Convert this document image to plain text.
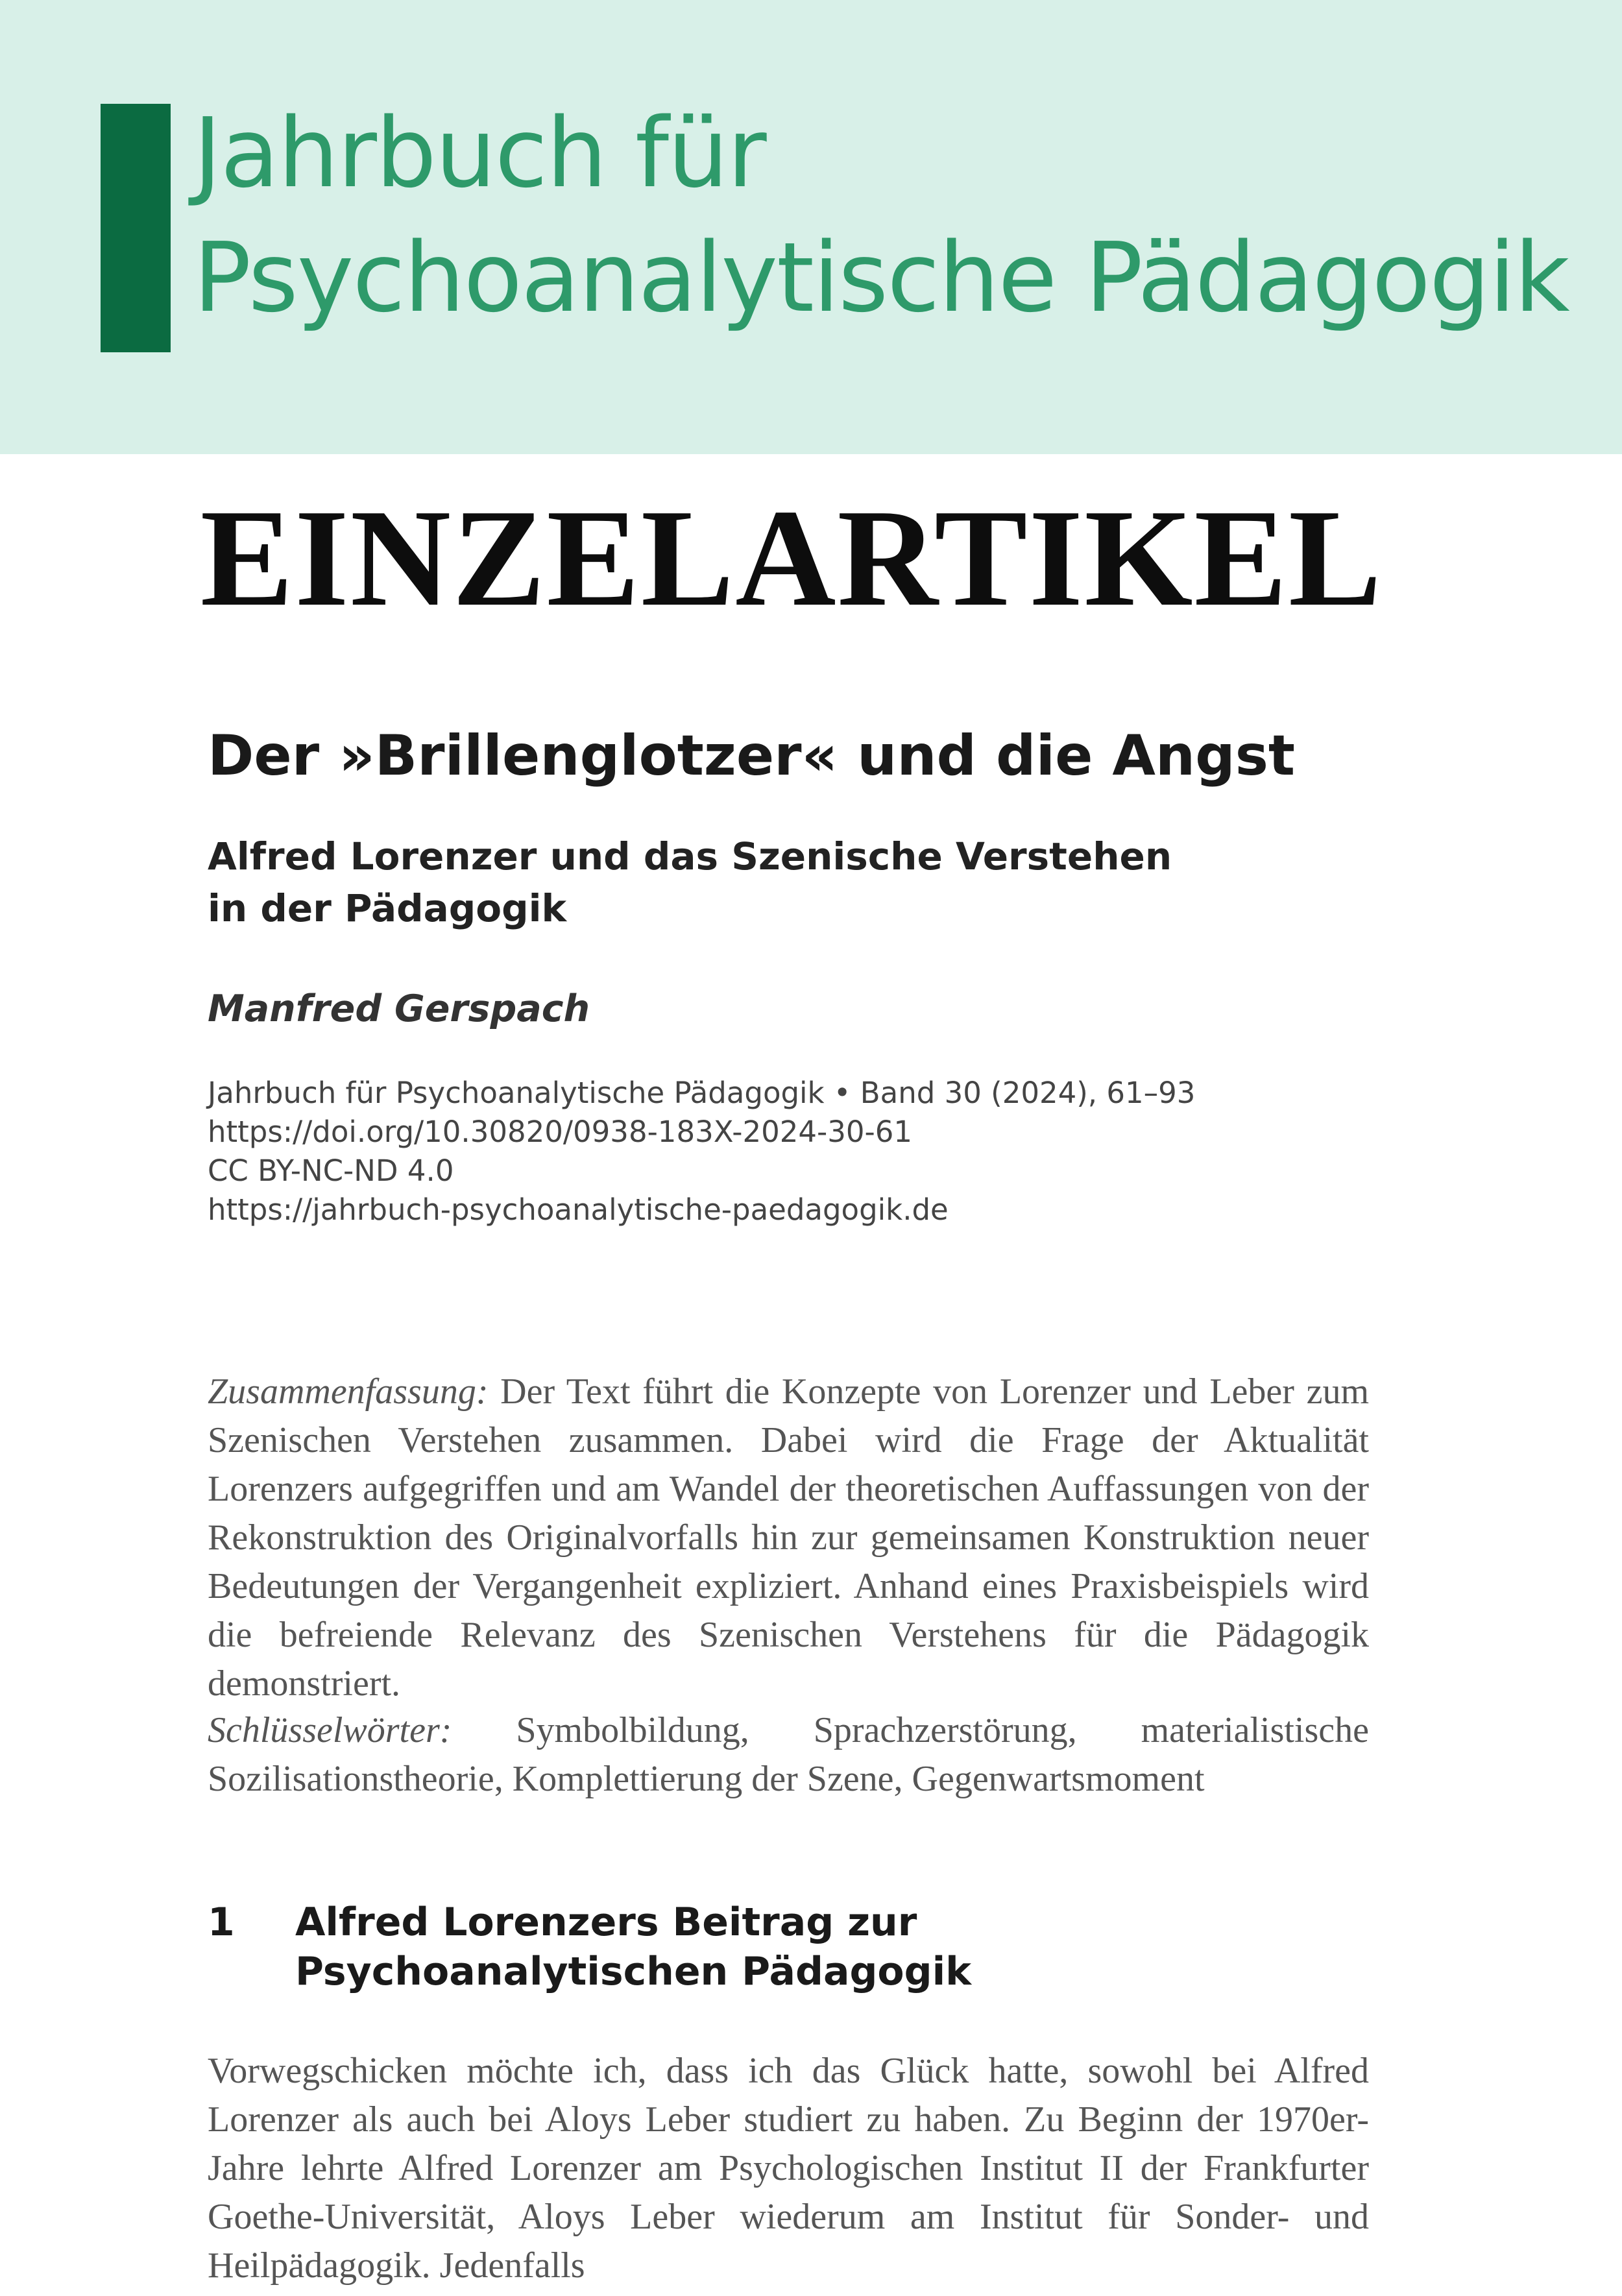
Jahrbuch für Psychoanalytische Pädagogik
EINZELARTIKEL
Der »Brillenglotzer« und die Angst
Alfred Lorenzer und das Szenische Verstehen in der Pädagogik

Manfred Gerspach

Jahrbuch für Psychoanalytische Pädagogik • Band 30 (2024), 61–93
https://doi.org/10.30820/0938-183X-2024-30-61
CC BY-NC-ND 4.0
https://jahrbuch-psychoanalytische-paedagogik.de

Zusammenfassung: Der Text führt die Konzepte von Lorenzer und Leber zum Szenischen Verstehen zusammen. Dabei wird die Frage der Aktualität Lorenzers aufgegriffen und am Wandel der theoretischen Auffassungen von der Rekonstruktion des Originalvorfalls hin zur gemeinsamen Konstruktion neuer Bedeutungen der Vergangenheit expliziert. Anhand eines Praxisbeispiels wird die befreiende Relevanz des Szenischen Verstehens für die Pädagogik demonstriert.

Schlüsselwörter: Symbolbildung, Sprachzerstörung, materialistische Sozilisationstheorie, Komplettierung der Szene, Gegenwartsmoment

1 Alfred Lorenzers Beitrag zur Psychoanalytischen Pädagogik

Vorwegschicken möchte ich, dass ich das Glück hatte, sowohl bei Alfred Lorenzer als auch bei Aloys Leber studiert zu haben. Zu Beginn der 1970er-Jahre lehrte Alfred Lorenzer am Psychologischen Institut II der Frankfurter Goethe-Universität, Aloys Leber wiederum am Institut für Sonder- und Heilpädagogik. Jedenfalls
